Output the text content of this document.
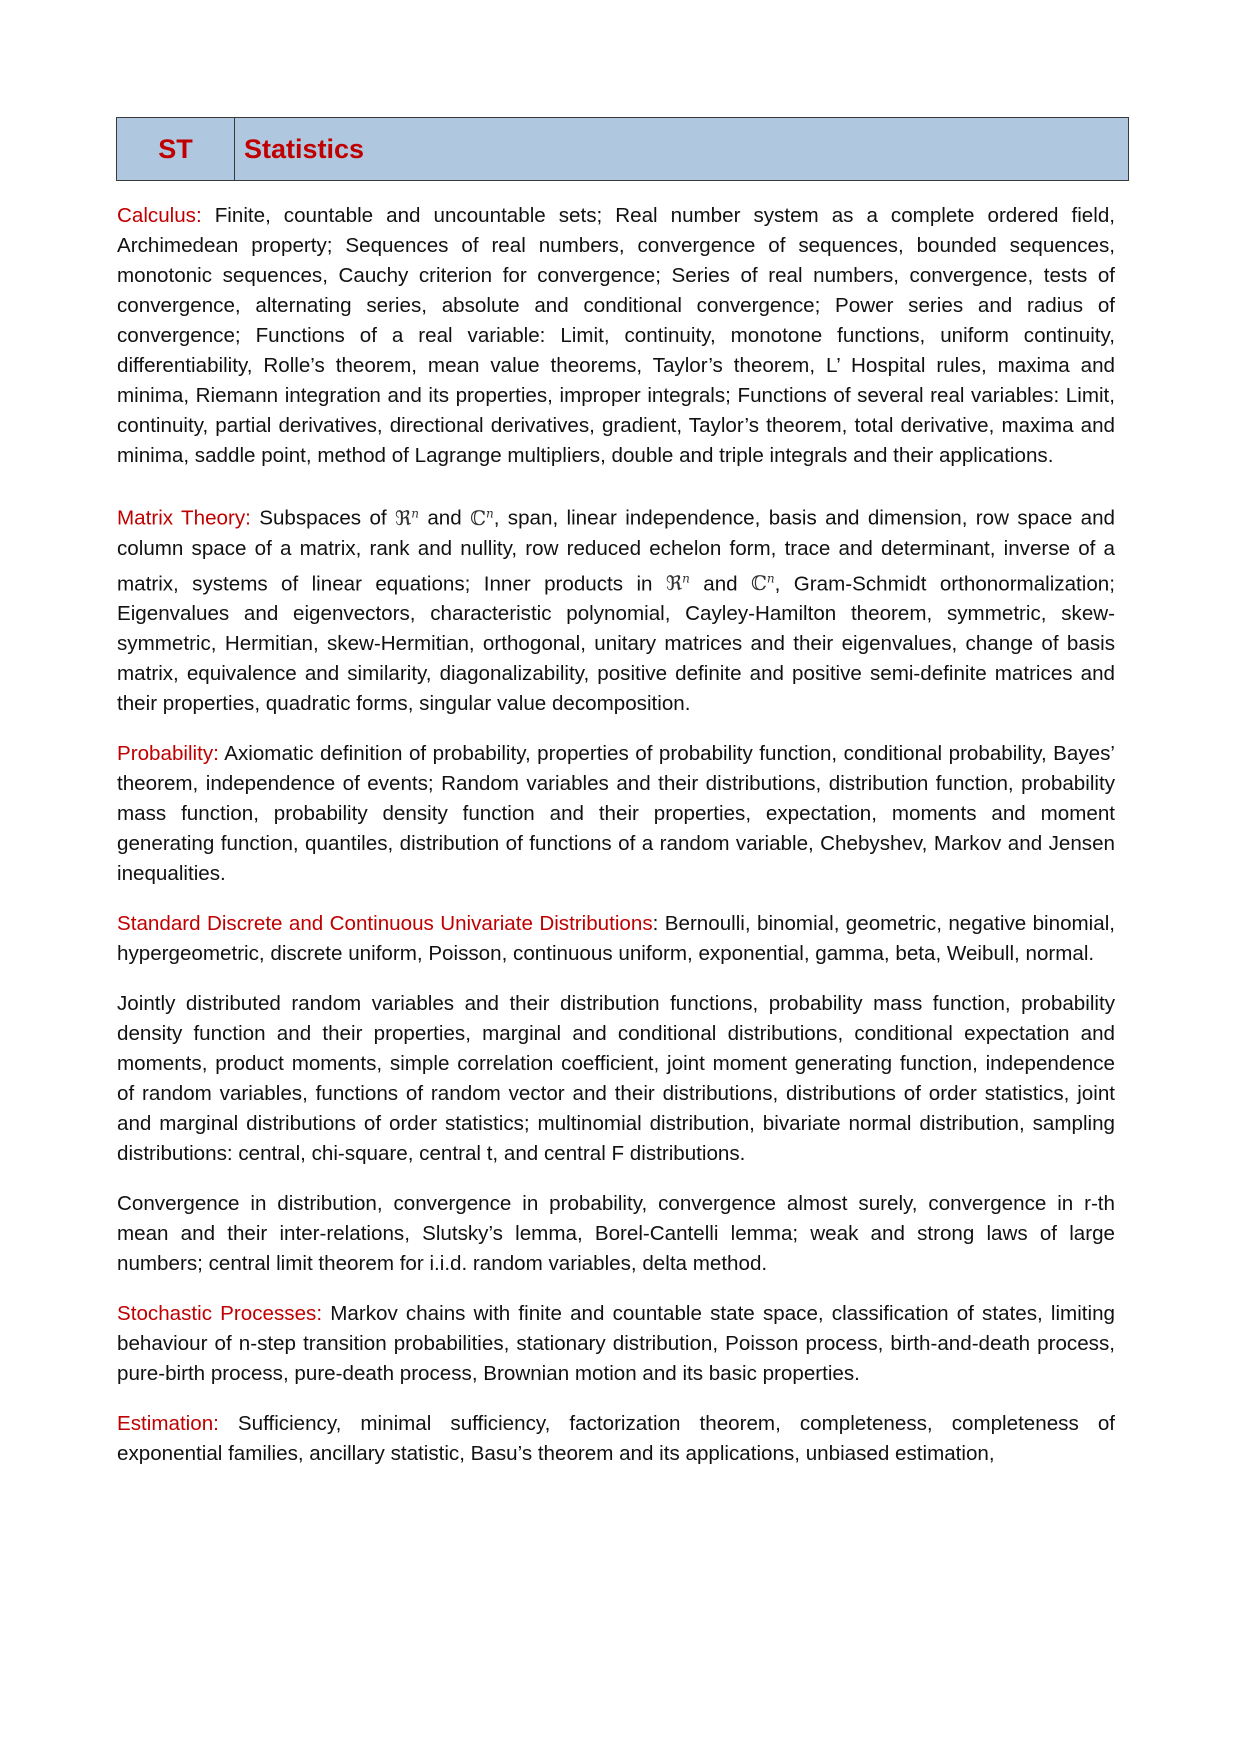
ST	Statistics

Calculus: Finite, countable and uncountable sets; Real number system as a complete ordered field, Archimedean property; Sequences of real numbers, convergence of sequences, bounded sequences, monotonic sequences, Cauchy criterion for convergence; Series of real numbers, convergence, tests of convergence, alternating series, absolute and conditional convergence; Power series and radius of convergence; Functions of a real variable: Limit, continuity, monotone functions, uniform continuity, differentiability, Rolle’s theorem, mean value theorems, Taylor’s theorem, L’ Hospital rules, maxima and minima, Riemann integration and its properties, improper integrals; Functions of several real variables: Limit, continuity, partial derivatives, directional derivatives, gradient, Taylor’s theorem, total derivative, maxima and minima, saddle point, method of Lagrange multipliers, double and triple integrals and their applications.

Matrix Theory: Subspaces of ℜ$^n$ and ℂ$^n$, span, linear independence, basis and dimension, row space and column space of a matrix, rank and nullity, row reduced echelon form, trace and determinant, inverse of a matrix, systems of linear equations; Inner products in ℜ$^n$ and ℂ$^n$, Gram-Schmidt orthonormalization; Eigenvalues and eigenvectors, characteristic polynomial, Cayley-Hamilton theorem, symmetric, skew-symmetric, Hermitian, skew-Hermitian, orthogonal, unitary matrices and their eigenvalues, change of basis matrix, equivalence and similarity, diagonalizability, positive definite and positive semi-definite matrices and their properties, quadratic forms, singular value decomposition.

Probability: Axiomatic definition of probability, properties of probability function, conditional probability, Bayes’ theorem, independence of events; Random variables and their distributions, distribution function, probability mass function, probability density function and their properties, expectation, moments and moment generating function, quantiles, distribution of functions of a random variable, Chebyshev, Markov and Jensen inequalities.

Standard Discrete and Continuous Univariate Distributions: Bernoulli, binomial, geometric, negative binomial, hypergeometric, discrete uniform, Poisson, continuous uniform, exponential, gamma, beta, Weibull, normal.

Jointly distributed random variables and their distribution functions, probability mass function, probability density function and their properties, marginal and conditional distributions, conditional expectation and moments, product moments, simple correlation coefficient, joint moment generating function, independence of random variables, functions of random vector and their distributions, distributions of order statistics, joint and marginal distributions of order statistics; multinomial distribution, bivariate normal distribution, sampling distributions: central, chi-square, central t, and central F distributions.

Convergence in distribution, convergence in probability, convergence almost surely, convergence in r-th mean and their inter-relations, Slutsky’s lemma, Borel-Cantelli lemma; weak and strong laws of large numbers; central limit theorem for i.i.d. random variables, delta method.

Stochastic Processes: Markov chains with finite and countable state space, classification of states, limiting behaviour of n-step transition probabilities, stationary distribution, Poisson process, birth-and-death process, pure-birth process, pure-death process, Brownian motion and its basic properties.

Estimation: Sufficiency, minimal sufficiency, factorization theorem, completeness, completeness of exponential families, ancillary statistic, Basu’s theorem and its applications, unbiased estimation,
